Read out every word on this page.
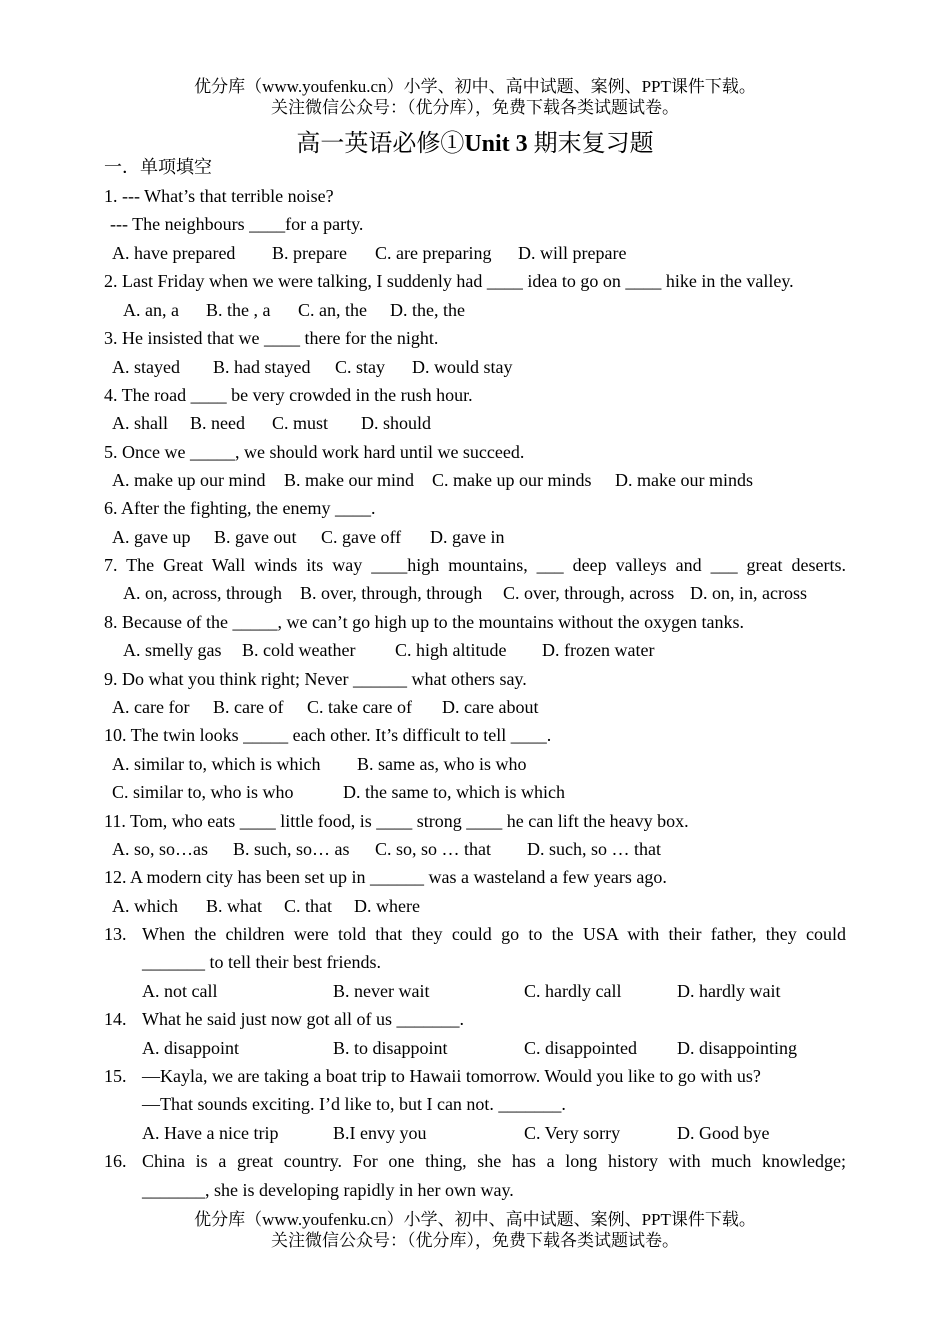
优分库（www.youfenku.cn）小学、初中、高中试题、案例、PPT课件下载。
关注微信公众号：（优分库），免费下载各类试题试卷。
高一英语必修①Unit 3 期末复习题
一．单项填空
1. --- What’s that terrible noise?
--- The neighbours ____for a party.
A. have prepared B. prepare C. are preparing D. will prepare
2. Last Friday when we were talking, I suddenly had ____ idea to go on ____ hike in the valley.
A. an, a B. the , a C. an, the D. the, the
3. He insisted that we ____ there for the night.
A. stayed B. had stayed C. stay D. would stay
4. The road ____ be very crowded in the rush hour.
A. shall B. need C. must D. should
5. Once we _____, we should work hard until we succeed.
A. make up our mind B. make our mind C. make up our minds D. make our minds
6. After the fighting, the enemy ____.
A. gave up B. gave out C. gave off D. gave in
7. The Great Wall winds its way ____high mountains, ___ deep valleys and ___ great deserts.
A. on, across, through B. over, through, through C. over, through, across D. on, in, across
8. Because of the _____, we can’t go high up to the mountains without the oxygen tanks.
A. smelly gas B. cold weather C. high altitude D. frozen water
9. Do what you think right; Never ______ what others say.
A. care for B. care of C. take care of D. care about
10. The twin looks _____ each other. It’s difficult to tell ____.
A. similar to, which is which B. same as, who is who
C. similar to, who is who	D. the same to, which is which
11. Tom, who eats ____ little food, is ____ strong ____ he can lift the heavy box.
A. so, so…as B. such, so… as C. so, so … that D. such, so … that
12. A modern city has been set up in ______ was a wasteland a few years ago.
A. which B. what C. that D. where
13. When the children were told that they could go to the USA with their father, they could
_______ to tell their best friends.
A. not call	B. never wait	C. hardly call	D. hardly wait
14. What he said just now got all of us _______.
A. disappoint	B. to disappoint	C. disappointed D. disappointing
15. —Kayla, we are taking a boat trip to Hawaii tomorrow. Would you like to go with us?
—That sounds exciting. I’d like to, but I can not. _______.
A. Have a nice trip	B.I envy you	C. Very sorry	D. Good bye
16. China is a great country. For one thing, she has a long history with much knowledge;
_______, she is developing rapidly in her own way.
优分库（www.youfenku.cn）小学、初中、高中试题、案例、PPT课件下载。
关注微信公众号：（优分库），免费下载各类试题试卷。
